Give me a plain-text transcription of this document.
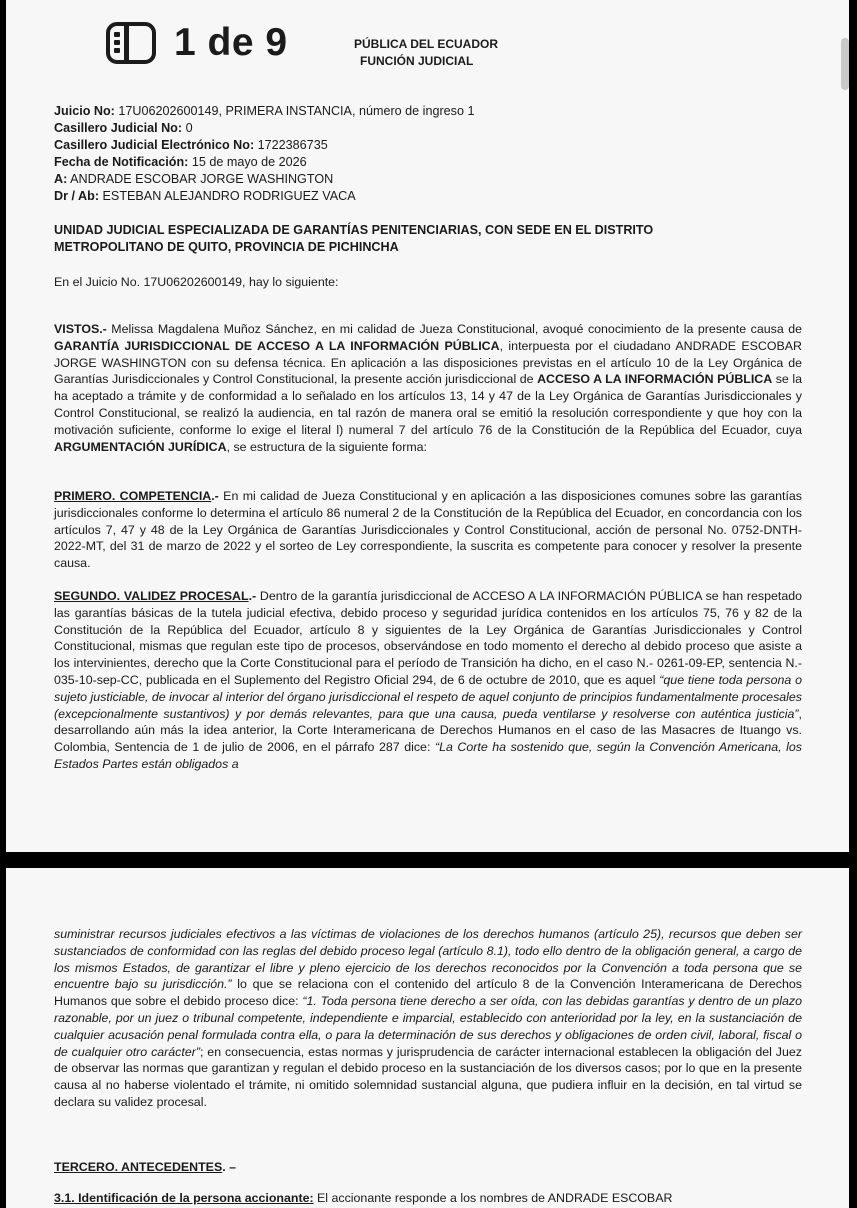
1 de 9	PÚBLICA DEL ECUADOR
FUNCIÓN JUDICIAL
Juicio No: 17U06202600149, PRIMERA INSTANCIA, número de ingreso 1
Casillero Judicial No: 0
Casillero Judicial Electrónico No: 1722386735
Fecha de Notificación: 15 de mayo de 2026
A: ANDRADE ESCOBAR JORGE WASHINGTON
Dr / Ab: ESTEBAN ALEJANDRO RODRIGUEZ VACA
UNIDAD JUDICIAL ESPECIALIZADA DE GARANTÍAS PENITENCIARIAS, CON SEDE EN EL DISTRITO
METROPOLITANO DE QUITO, PROVINCIA DE PICHINCHA
En el Juicio No. 17U06202600149, hay lo siguiente:
VISTOS.- Melissa Magdalena Muñoz Sánchez, en mi calidad de Jueza Constitucional, avoqué conocimiento de la presente causa de GARANTÍA JURISDICCIONAL DE ACCESO A LA INFORMACIÓN PÚBLICA, interpuesta por el ciudadano ANDRADE ESCOBAR JORGE WASHINGTON con su defensa técnica. En aplicación a las disposiciones previstas en el artículo 10 de la Ley Orgánica de Garantías Jurisdiccionales y Control Constitucional, la presente acción jurisdiccional de ACCESO A LA INFORMACIÓN PÚBLICA se la ha aceptado a trámite y de conformidad a lo señalado en los artículos 13, 14 y 47 de la Ley Orgánica de Garantías Jurisdiccionales y Control Constitucional, se realizó la audiencia, en tal razón de manera oral se emitió la resolución correspondiente y que hoy con la motivación suficiente, conforme lo exige el literal l) numeral 7 del artículo 76 de la Constitución de la República del Ecuador, cuya ARGUMENTACIÓN JURÍDICA, se estructura de la siguiente forma:
PRIMERO. COMPETENCIA.- En mi calidad de Jueza Constitucional y en aplicación a las disposiciones comunes sobre las garantías jurisdiccionales conforme lo determina el artículo 86 numeral 2 de la Constitución de la República del Ecuador, en concordancia con los artículos 7, 47 y 48 de la Ley Orgánica de Garantías Jurisdiccionales y Control Constitucional, acción de personal No. 0752-DNTH-2022-MT, del 31 de marzo de 2022 y el sorteo de Ley correspondiente, la suscrita es competente para conocer y resolver la presente causa.
SEGUNDO. VALIDEZ PROCESAL.- Dentro de la garantía jurisdiccional de ACCESO A LA INFORMACIÓN PÚBLICA se han respetado las garantías básicas de la tutela judicial efectiva, debido proceso y seguridad jurídica contenidos en los artículos 75, 76 y 82 de la Constitución de la República del Ecuador, artículo 8 y siguientes de la Ley Orgánica de Garantías Jurisdiccionales y Control Constitucional, mismas que regulan este tipo de procesos, observándose en todo momento el derecho al debido proceso que asiste a los intervinientes, derecho que la Corte Constitucional para el período de Transición ha dicho, en el caso N.- 0261-09-EP, sentencia N.- 035-10-sep-CC, publicada en el Suplemento del Registro Oficial 294, de 6 de octubre de 2010, que es aquel “que tiene toda persona o sujeto justiciable, de invocar al interior del órgano jurisdiccional el respeto de aquel conjunto de principios fundamentalmente procesales (excepcionalmente sustantivos) y por demás relevantes, para que una causa, pueda ventilarse y resolverse con auténtica justicia”, desarrollando aún más la idea anterior, la Corte Interamericana de Derechos Humanos en el caso de las Masacres de Ituango vs. Colombia, Sentencia de 1 de julio de 2006, en el párrafo 287 dice: “La Corte ha sostenido que, según la Convención Americana, los Estados Partes están obligados a
suministrar recursos judiciales efectivos a las víctimas de violaciones de los derechos humanos (artículo 25), recursos que deben ser sustanciados de conformidad con las reglas del debido proceso legal (artículo 8.1), todo ello dentro de la obligación general, a cargo de los mismos Estados, de garantizar el libre y pleno ejercicio de los derechos reconocidos por la Convención a toda persona que se encuentre bajo su jurisdicción.” lo que se relaciona con el contenido del artículo 8 de la Convención Interamericana de Derechos Humanos que sobre el debido proceso dice: “1. Toda persona tiene derecho a ser oída, con las debidas garantías y dentro de un plazo razonable, por un juez o tribunal competente, independiente e imparcial, establecido con anterioridad por la ley, en la sustanciación de cualquier acusación penal formulada contra ella, o para la determinación de sus derechos y obligaciones de orden civil, laboral, fiscal o de cualquier otro carácter”; en consecuencia, estas normas y jurisprudencia de carácter internacional establecen la obligación del Juez de observar las normas que garantizan y regulan el debido proceso en la sustanciación de los diversos casos; por lo que en la presente causa al no haberse violentado el trámite, ni omitido solemnidad sustancial alguna, que pudiera influir en la decisión, en tal virtud se declara su validez procesal.
TERCERO. ANTECEDENTES. –
3.1. Identificación de la persona accionante: El accionante responde a los nombres de ANDRADE ESCOBAR
